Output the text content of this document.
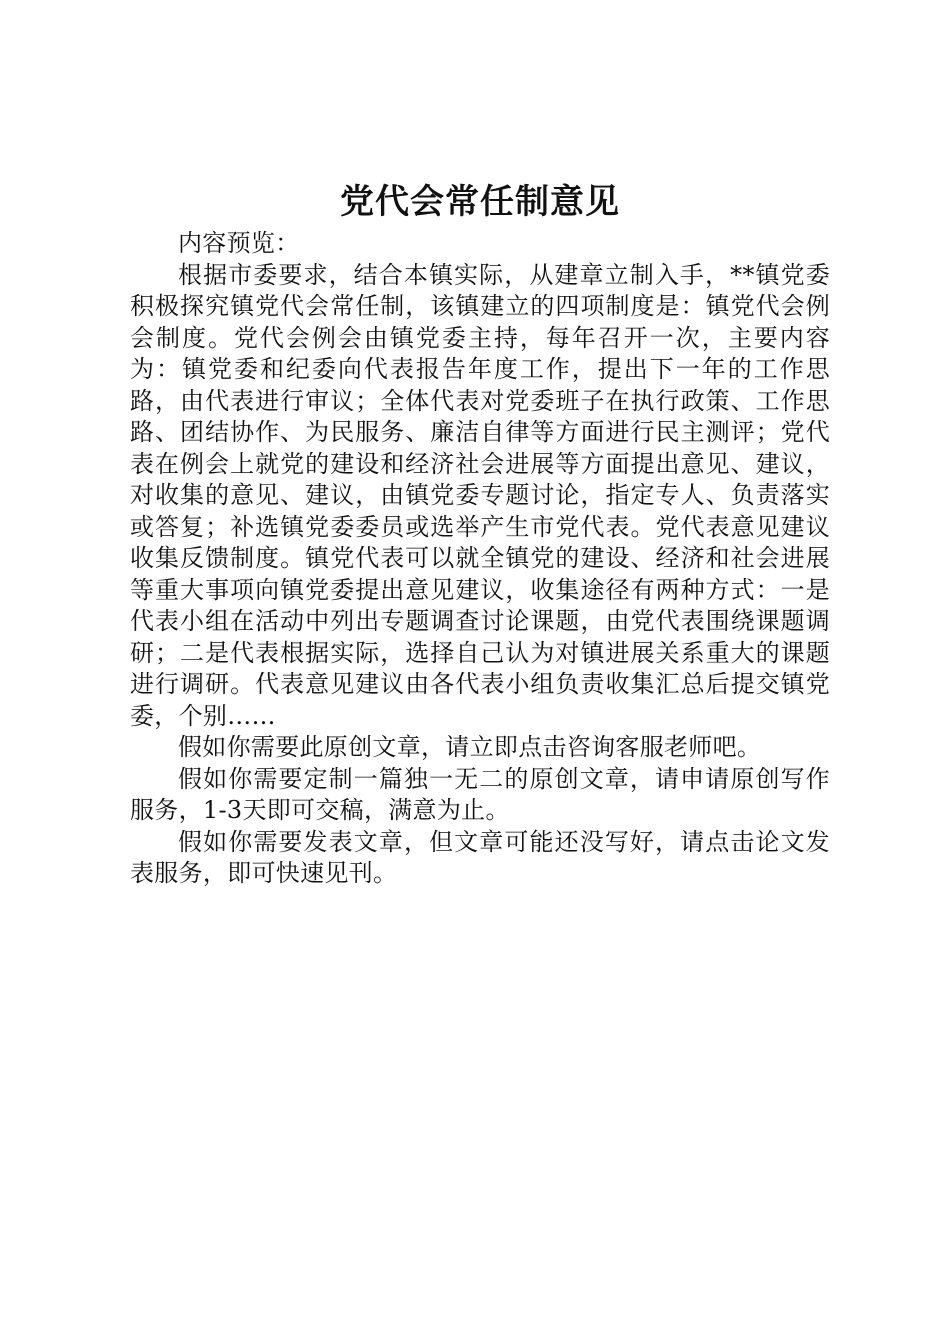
党代会常任制意见

内容预览：

根据市委要求，结合本镇实际，从建章立制入手，**镇党委积极探究镇党代会常任制，该镇建立的四项制度是：镇党代会例会制度。党代会例会由镇党委主持，每年召开一次，主要内容为：镇党委和纪委向代表报告年度工作，提出下一年的工作思路，由代表进行审议；全体代表对党委班子在执行政策、工作思路、团结协作、为民服务、廉洁自律等方面进行民主测评；党代表在例会上就党的建设和经济社会进展等方面提出意见、建议，对收集的意见、建议，由镇党委专题讨论，指定专人、负责落实或答复；补选镇党委委员或选举产生市党代表。党代表意见建议收集反馈制度。镇党代表可以就全镇党的建设、经济和社会进展等重大事项向镇党委提出意见建议，收集途径有两种方式：一是代表小组在活动中列出专题调查讨论课题，由党代表围绕课题调研；二是代表根据实际，选择自己认为对镇进展关系重大的课题进行调研。代表意见建议由各代表小组负责收集汇总后提交镇党委，个别……

假如你需要此原创文章，请立即点击咨询客服老师吧。

假如你需要定制一篇独一无二的原创文章，请申请原创写作服务，1-3天即可交稿，满意为止。

假如你需要发表文章，但文章可能还没写好，请点击论文发表服务，即可快速见刊。
